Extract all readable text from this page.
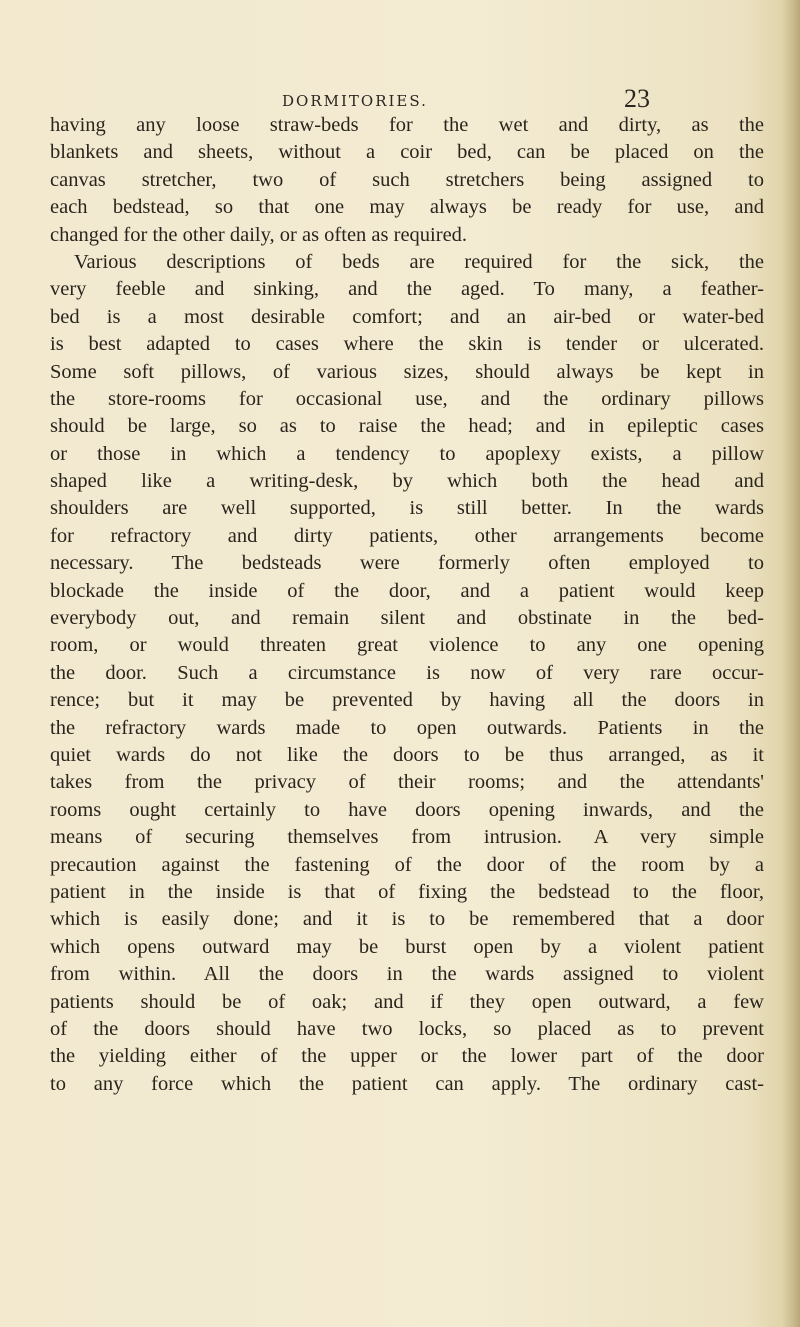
DORMITORIES.	23
having any loose straw-beds for the wet and dirty, as the
blankets and sheets, without a coir bed, can be placed on the
canvas stretcher, two of such stretchers being assigned to
each bedstead, so that one may always be ready for use, and
changed for the other daily, or as often as required.
Various descriptions of beds are required for the sick, the
very feeble and sinking, and the aged. To many, a feather-
bed is a most desirable comfort; and an air-bed or water-bed
is best adapted to cases where the skin is tender or ulcerated.
Some soft pillows, of various sizes, should always be kept in
the store-rooms for occasional use, and the ordinary pillows
should be large, so as to raise the head; and in epileptic cases
or those in which a tendency to apoplexy exists, a pillow
shaped like a writing-desk, by which both the head and
shoulders are well supported, is still better. In the wards
for refractory and dirty patients, other arrangements become
necessary. The bedsteads were formerly often employed to
blockade the inside of the door, and a patient would keep
everybody out, and remain silent and obstinate in the bed-
room, or would threaten great violence to any one opening
the door. Such a circumstance is now of very rare occur-
rence; but it may be prevented by having all the doors in
the refractory wards made to open outwards. Patients in the
quiet wards do not like the doors to be thus arranged, as it
takes from the privacy of their rooms; and the attendants'
rooms ought certainly to have doors opening inwards, and the
means of securing themselves from intrusion. A very simple
precaution against the fastening of the door of the room by a
patient in the inside is that of fixing the bedstead to the floor,
which is easily done; and it is to be remembered that a door
which opens outward may be burst open by a violent patient
from within. All the doors in the wards assigned to violent
patients should be of oak; and if they open outward, a few
of the doors should have two locks, so placed as to prevent
the yielding either of the upper or the lower part of the door
to any force which the patient can apply. The ordinary cast-
